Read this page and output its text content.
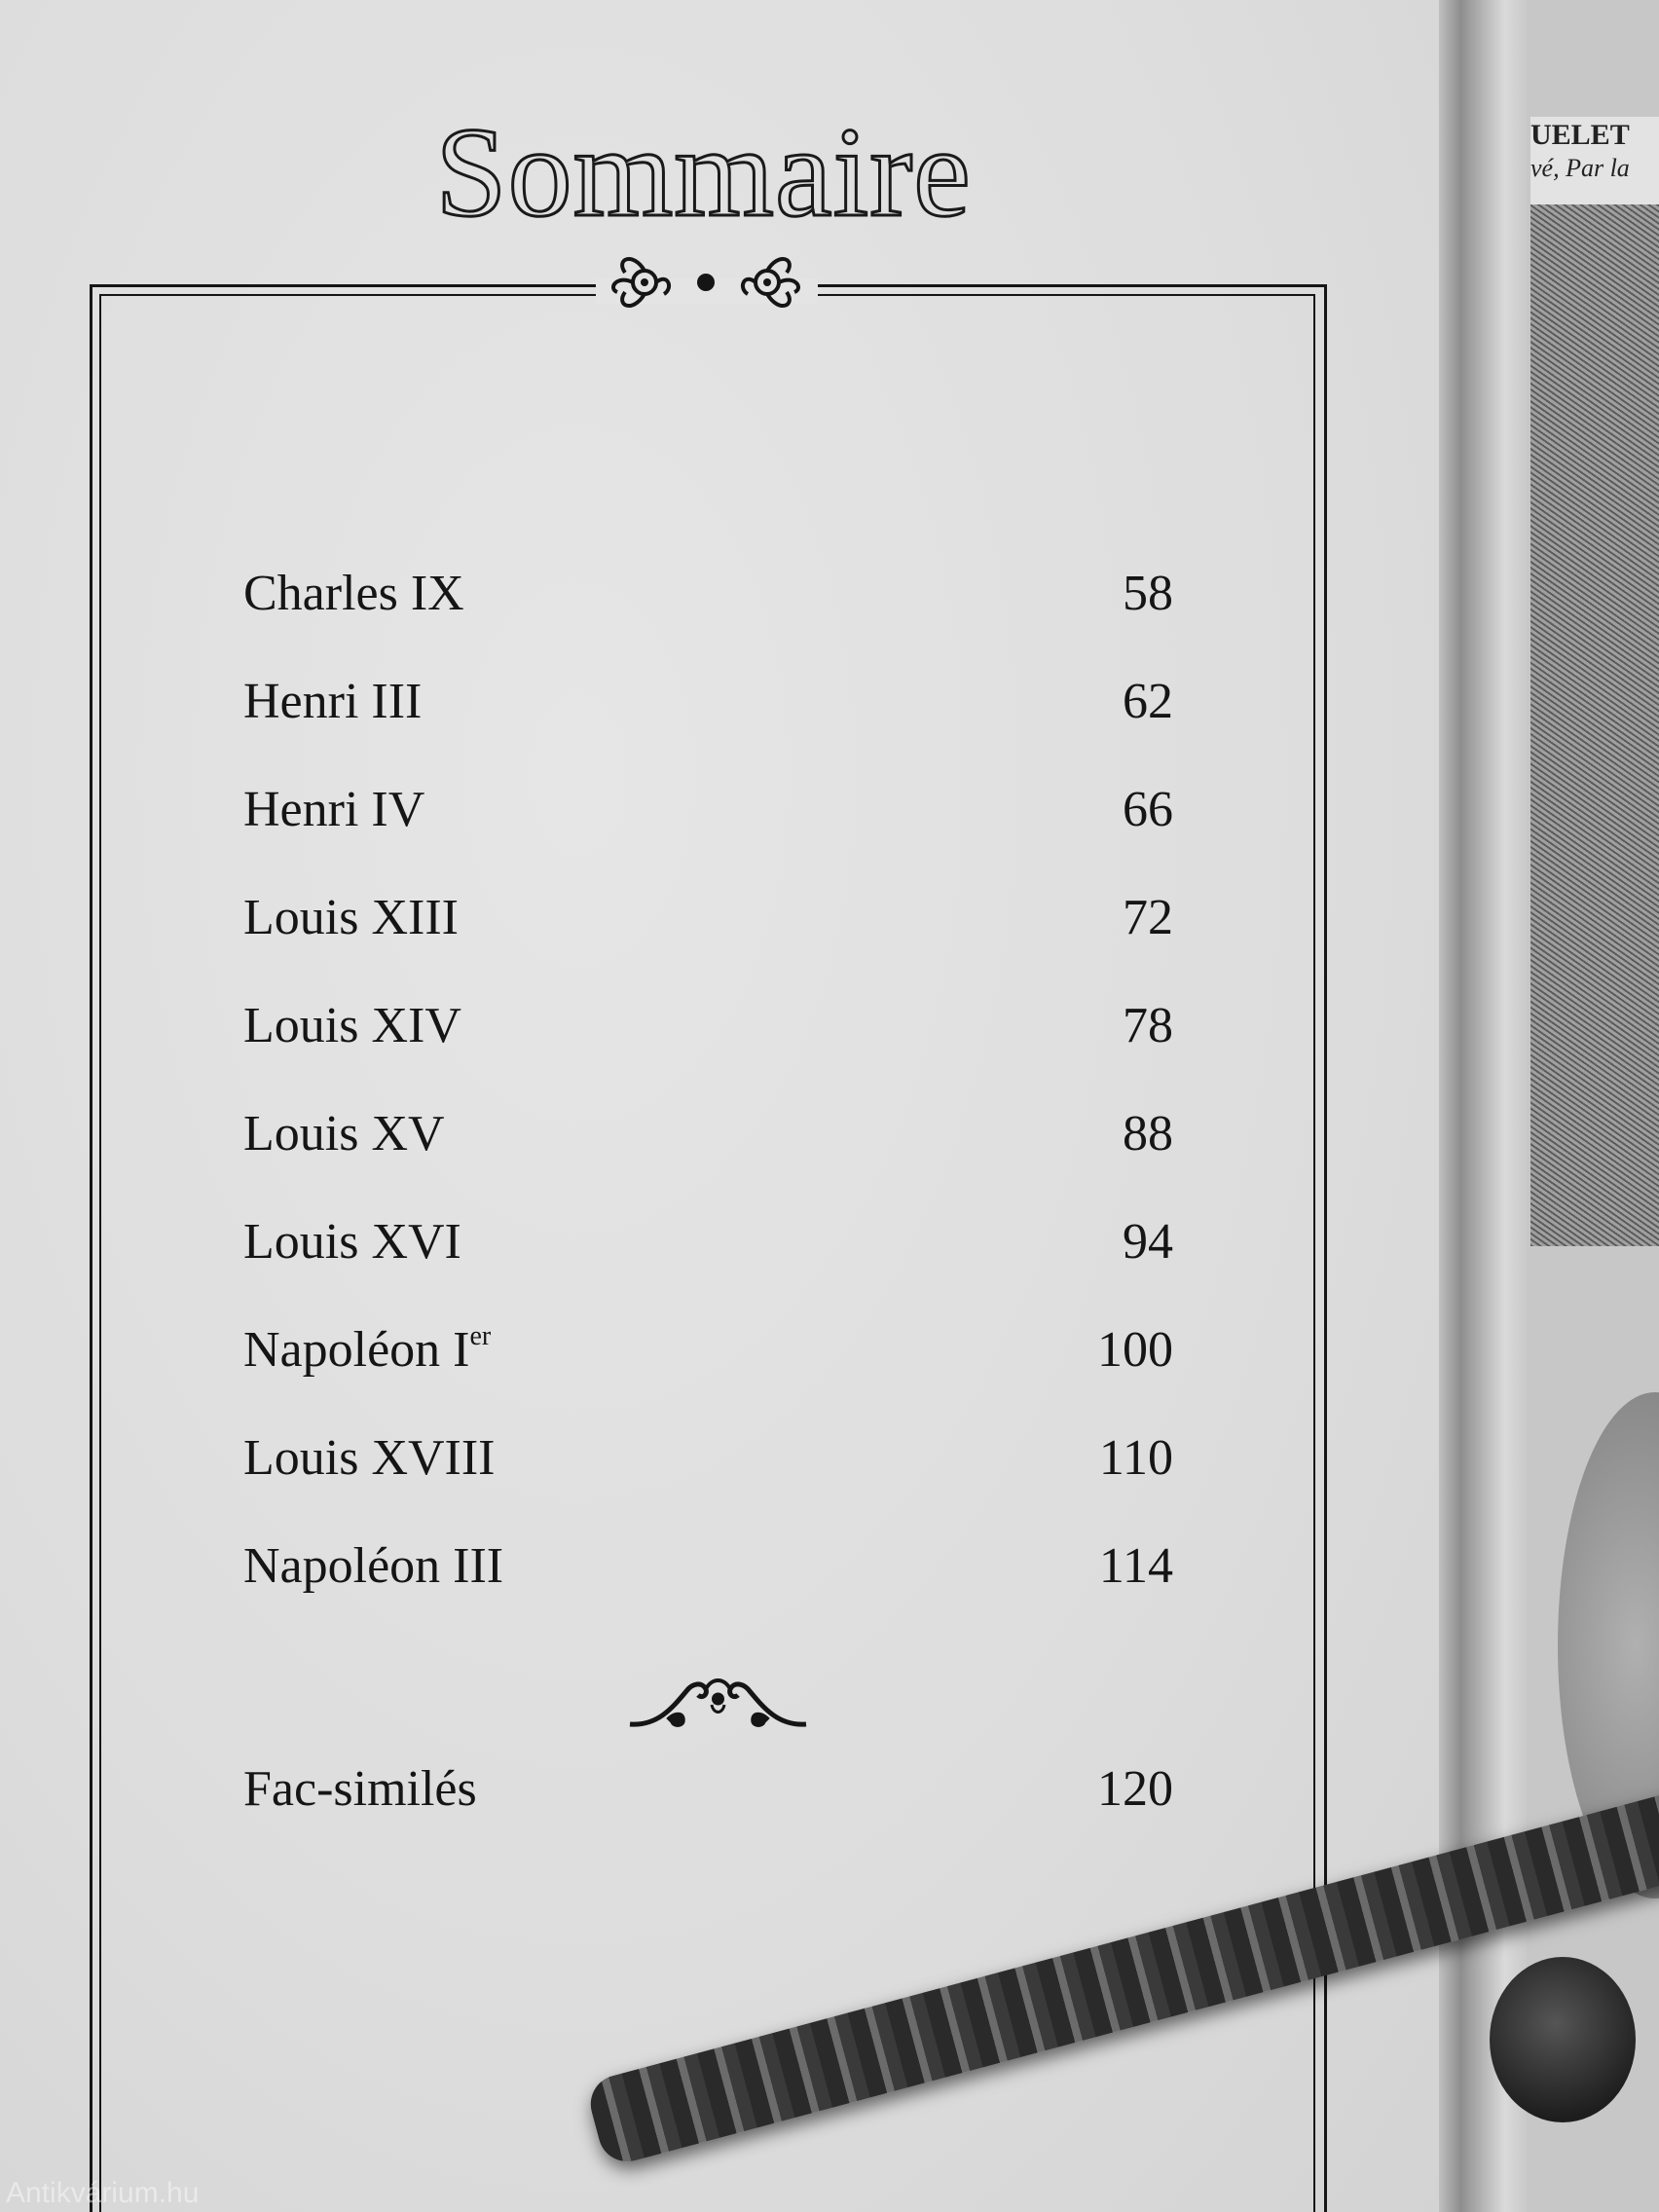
Sommaire
Charles IX	58
Henri III	62
Henri IV	66
Louis XIII	72
Louis XIV	78
Louis XV	88
Louis XVI	94
Napoléon Ier	100
Louis XVIII	110
Napoléon III	114
Fac-similés	120
UELET
vé, Par la
Antikvárium.hu
